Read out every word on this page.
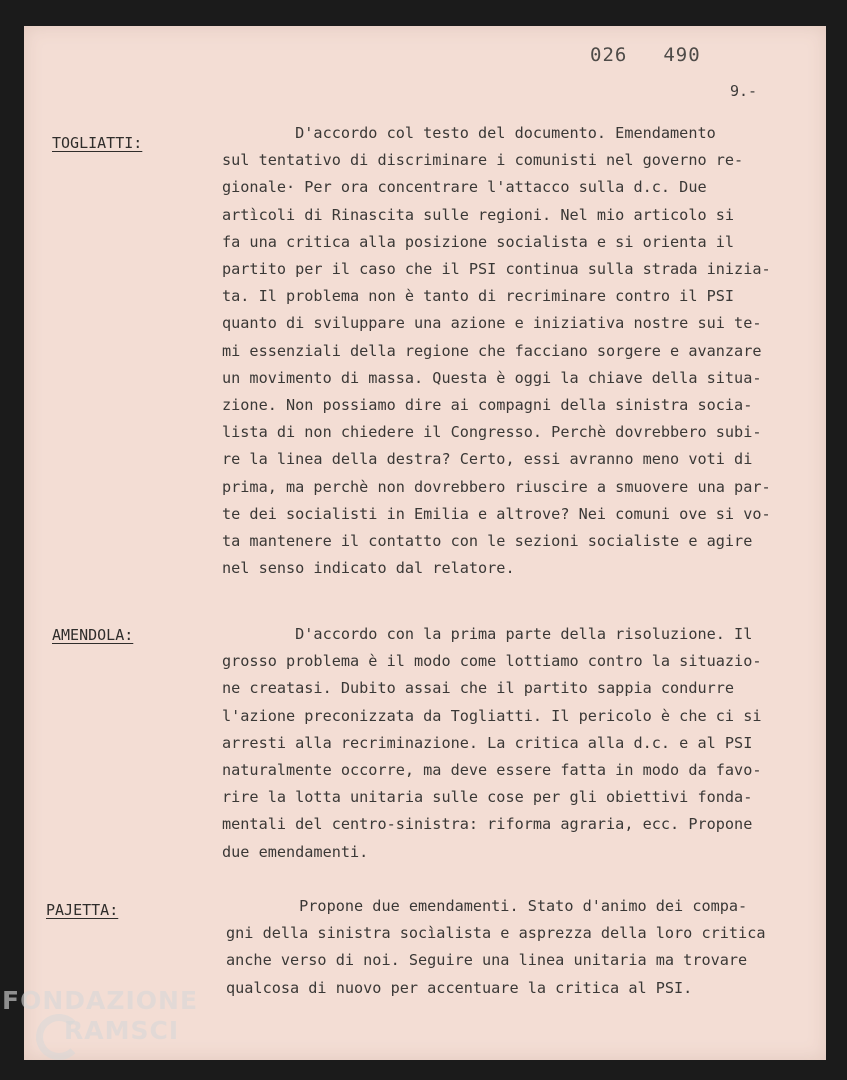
026 490
9.-
TOGLIATTI:
D'accordo col testo del documento. Emendamento
sul tentativo di discriminare i comunisti nel governo re-
gionale· Per ora concentrare l'attacco sulla d.c. Due
artìcoli di Rinascita sulle regioni. Nel mio articolo si
fa una critica alla posizione socialista e si orienta il
partito per il caso che il PSI continua sulla strada inizia-
ta. Il problema non è tanto di recriminare contro il PSI
quanto di sviluppare una azione e iniziativa nostre sui te-
mi essenziali della regione che facciano sorgere e avanzare
un movimento di massa. Questa è oggi la chiave della situa-
zione. Non possiamo dire ai compagni della sinistra socia-
lista di non chiedere il Congresso. Perchè dovrebbero subi-
re la linea della destra? Certo, essi avranno meno voti di
prima, ma perchè non dovrebbero riuscire a smuovere una par-
te dei socialisti in Emilia e altrove? Nei comuni ove si vo-
ta mantenere il contatto con le sezioni socialiste e agire
nel senso indicato dal relatore.
AMENDOLA:	D'accordo con la prima parte della risoluzione. Il
grosso problema è il modo come lottiamo contro la situazio-
ne creatasi. Dubito assai che il partito sappia condurre
l'azione preconizzata da Togliatti. Il pericolo è che ci si
arresti alla recriminazione. La critica alla d.c. e al PSI
naturalmente occorre, ma deve essere fatta in modo da favo-
rire la lotta unitaria sulle cose per gli obiettivi fonda-
mentali del centro-sinistra: riforma agraria, ecc. Propone
due emendamenti.
PAJETTA:	Propone due emendamenti. Stato d'animo dei compa-
gni della sinistra socìalista e asprezza della loro critica
anche verso di noi. Seguire una linea unitaria ma trovare
qualcosa di nuovo per accentuare la critica al PSI.
FONDAZIONE
RAMSCI
